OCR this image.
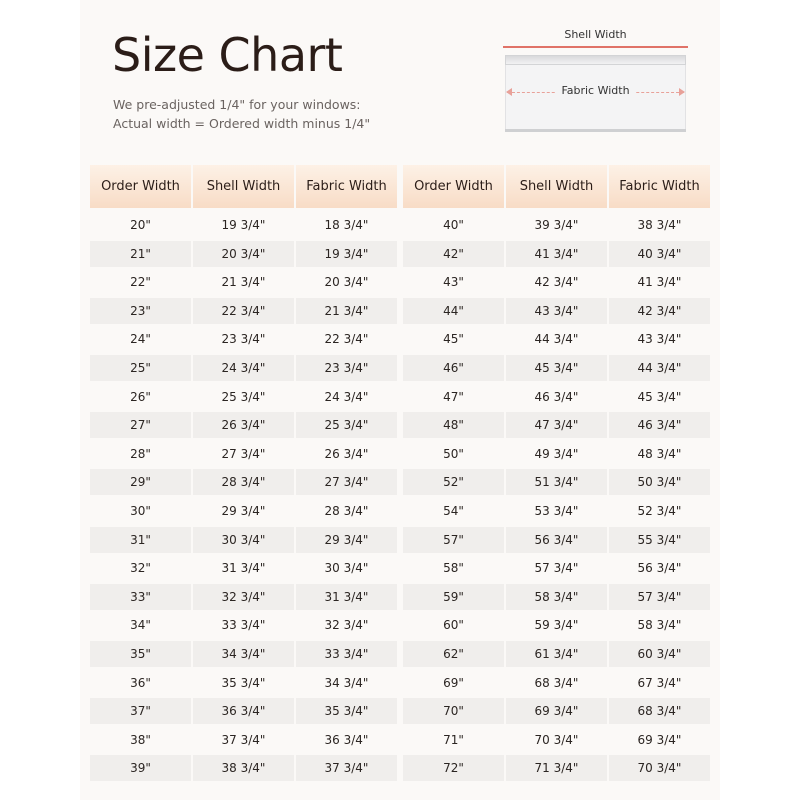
Size Chart
We pre-adjusted 1/4" for your windows:
Actual width = Ordered width minus 1/4"
Shell Width
Fabric Width
Order Width	Shell Width	Fabric Width
20"	19 3/4"	18 3/4"
21"	20 3/4"	19 3/4"
22"	21 3/4"	20 3/4"
23"	22 3/4"	21 3/4"
24"	23 3/4"	22 3/4"
25"	24 3/4"	23 3/4"
26"	25 3/4"	24 3/4"
27"	26 3/4"	25 3/4"
28"	27 3/4"	26 3/4"
29"	28 3/4"	27 3/4"
30"	29 3/4"	28 3/4"
31"	30 3/4"	29 3/4"
32"	31 3/4"	30 3/4"
33"	32 3/4"	31 3/4"
34"	33 3/4"	32 3/4"
35"	34 3/4"	33 3/4"
36"	35 3/4"	34 3/4"
37"	36 3/4"	35 3/4"
38"	37 3/4"	36 3/4"
39"	38 3/4"	37 3/4"
Order Width	Shell Width	Fabric Width
40"	39 3/4"	38 3/4"
42"	41 3/4"	40 3/4"
43"	42 3/4"	41 3/4"
44"	43 3/4"	42 3/4"
45"	44 3/4"	43 3/4"
46"	45 3/4"	44 3/4"
47"	46 3/4"	45 3/4"
48"	47 3/4"	46 3/4"
50"	49 3/4"	48 3/4"
52"	51 3/4"	50 3/4"
54"	53 3/4"	52 3/4"
57"	56 3/4"	55 3/4"
58"	57 3/4"	56 3/4"
59"	58 3/4"	57 3/4"
60"	59 3/4"	58 3/4"
62"	61 3/4"	60 3/4"
69"	68 3/4"	67 3/4"
70"	69 3/4"	68 3/4"
71"	70 3/4"	69 3/4"
72"	71 3/4"	70 3/4"
